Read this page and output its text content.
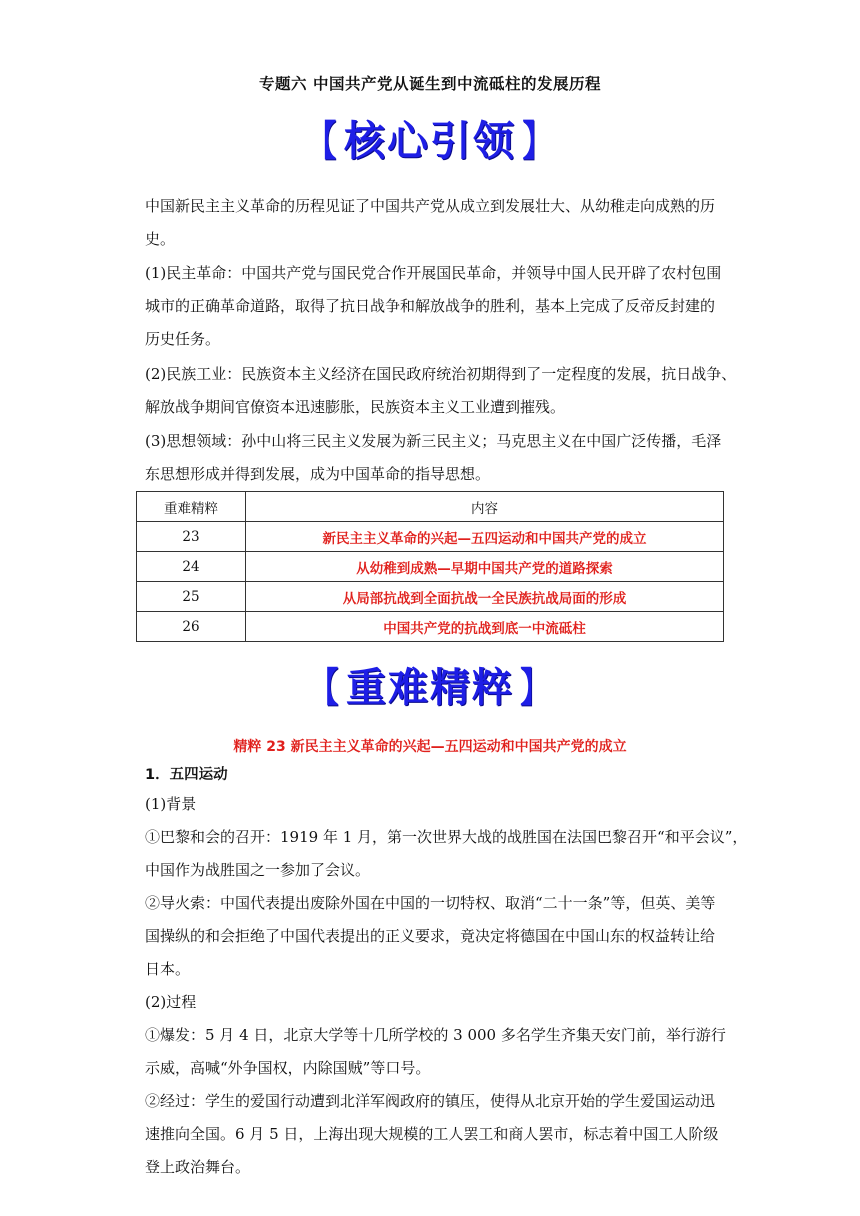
专题六 中国共产党从诞生到中流砥柱的发展历程
【 核心引领 】
中国新民主主义革命的历程见证了中国共产党从成立到发展壮大、从幼稚走向成熟的历
史。
(1)民主革命：中国共产党与国民党合作开展国民革命，并领导中国人民开辟了农村包围
城市的正确革命道路，取得了抗日战争和解放战争的胜利，基本上完成了反帝反封建的
历史任务。
(2)民族工业：民族资本主义经济在国民政府统治初期得到了一定程度的发展，抗日战争、
解放战争期间官僚资本迅速膨胀，民族资本主义工业遭到摧残。
(3)思想领域：孙中山将三民主义发展为新三民主义；马克思主义在中国广泛传播，毛泽
东思想形成并得到发展，成为中国革命的指导思想。
重难精粹	内容
23	新民主主义革命的兴起—五四运动和中国共产党的成立
24	从幼稚到成熟—早期中国共产党的道路探索
25	从局部抗战到全面抗战一全民族抗战局面的形成
26	中国共产党的抗战到底一中流砥柱
【 重难精粹 】
精粹 23 新民主主义革命的兴起—五四运动和中国共产党的成立
1．五四运动
(1)背景
①巴黎和会的召开：1919 年 1 月，第一次世界大战的战胜国在法国巴黎召开“和平会议”，
中国作为战胜国之一参加了会议。
②导火索：中国代表提出废除外国在中国的一切特权、取消“二十一条”等，但英、美等
国操纵的和会拒绝了中国代表提出的正义要求，竟决定将德国在中国山东的权益转让给
日本。
(2)过程
①爆发：5 月 4 日，北京大学等十几所学校的 3 000 多名学生齐集天安门前，举行游行
示威，高喊“外争国权，内除国贼”等口号。
②经过：学生的爱国行动遭到北洋军阀政府的镇压，使得从北京开始的学生爱国运动迅
速推向全国。6 月 5 日，上海出现大规模的工人罢工和商人罢市，标志着中国工人阶级
登上政治舞台。
